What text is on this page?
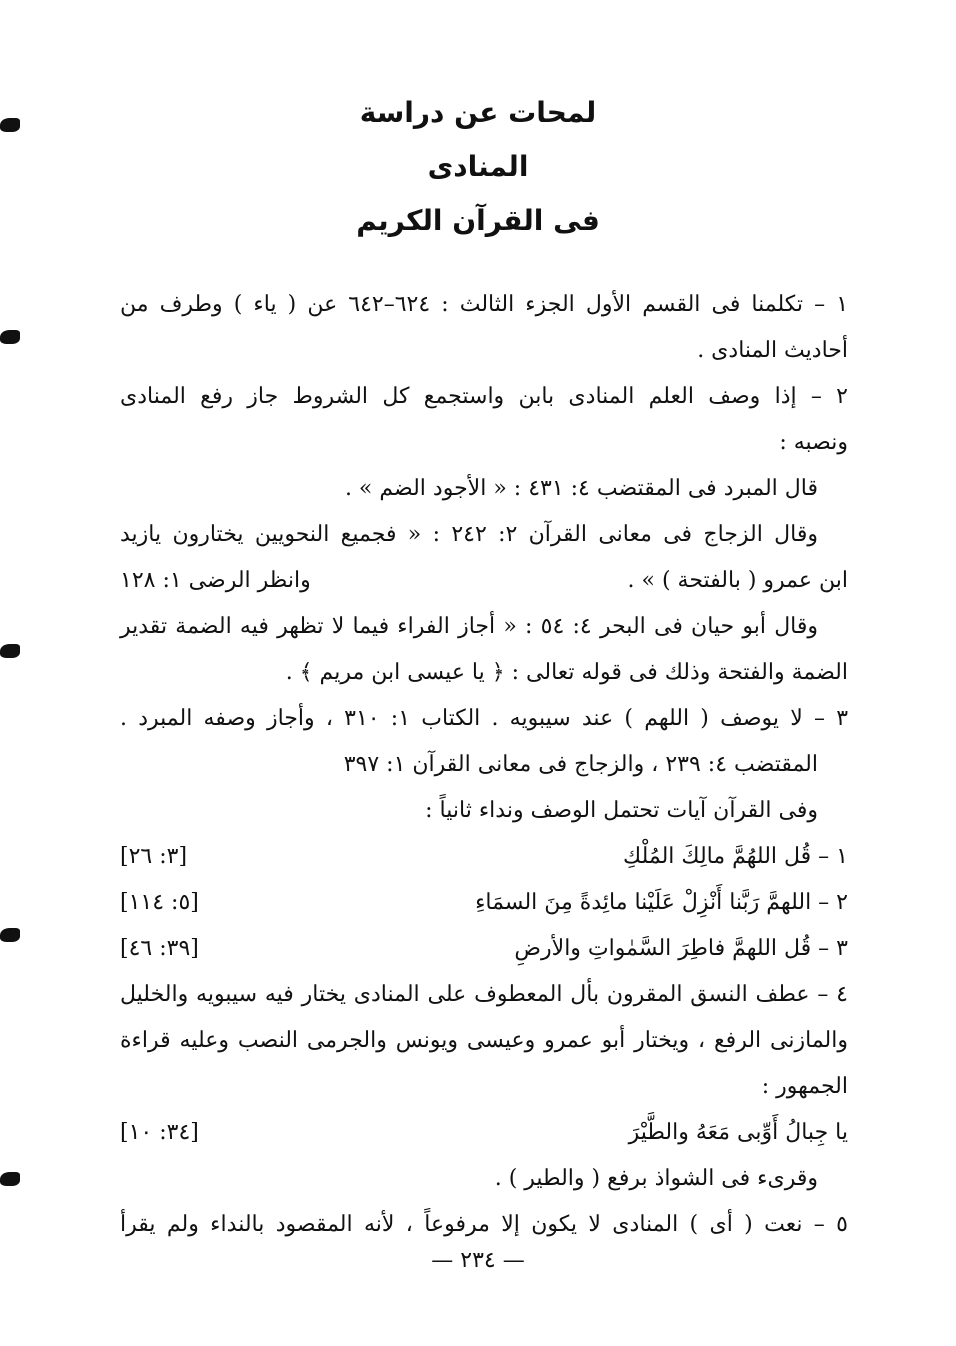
لمحات عن دراسة
المنادى
فى القرآن الكريم
١ – تكلمنا فى القسم الأول الجزء الثالث : ٦٢٤–٦٤٢ عن ( ياء ) وطرف من
أحاديث المنادى .
٢ – إذا وصف العلم المنادى بابن واستجمع كل الشروط جاز رفع المنادى
ونصبه :
قال المبرد فى المقتضب ٤: ٤٣١ : « الأجود الضم » .
وقال الزجاج فى معانى القرآن ٢: ٢٤٢ : « فجميع النحويين يختارون يازيد
ابن عمرو ( بالفتحة ) » .
وانظر الرضى ١: ١٢٨
وقال أبو حيان فى البحر ٤: ٥٤ : « أجاز الفراء فيما لا تظهر فيه الضمة تقدير
الضمة والفتحة وذلك فى قوله تعالى : ﴿ يا عيسى ابن مريم ﴾ .
٣ – لا يوصف ( اللهم ) عند سيبويه . الكتاب ١: ٣١٠ ، وأجاز وصفه المبرد .
المقتضب ٤: ٢٣٩ ، والزجاج فى معانى القرآن ١: ٣٩٧
وفى القرآن آيات تحتمل الوصف ونداء ثانياً :
١ – قُل اللهُمَّ مالِكَ المُلْكِ
[٣: ٢٦]
٢ – اللهمَّ رَبَّنا أَنْزِلْ عَلَيْنا مائِدةً مِنَ السمَاءِ
[٥: ١١٤]
٣ – قُل اللهمَّ فاطِرَ السَّمٰواتِ والأرضِ
[٣٩: ٤٦]
٤ – عطف النسق المقرون بأل المعطوف على المنادى يختار فيه سيبويه والخليل
والمازنى الرفع ، ويختار أبو عمرو وعيسى ويونس والجرمى النصب وعليه قراءة
الجمهور :
يا جِبالُ أَوِّبى مَعَهُ والطَّيْرَ
[٣٤: ١٠]
وقرىء فى الشواذ برفع ( والطير ) .
٥ – نعت ( أى ) المنادى لا يكون إلا مرفوعاً ، لأنه المقصود بالنداء ولم يقرأ
— ٢٣٤ —
